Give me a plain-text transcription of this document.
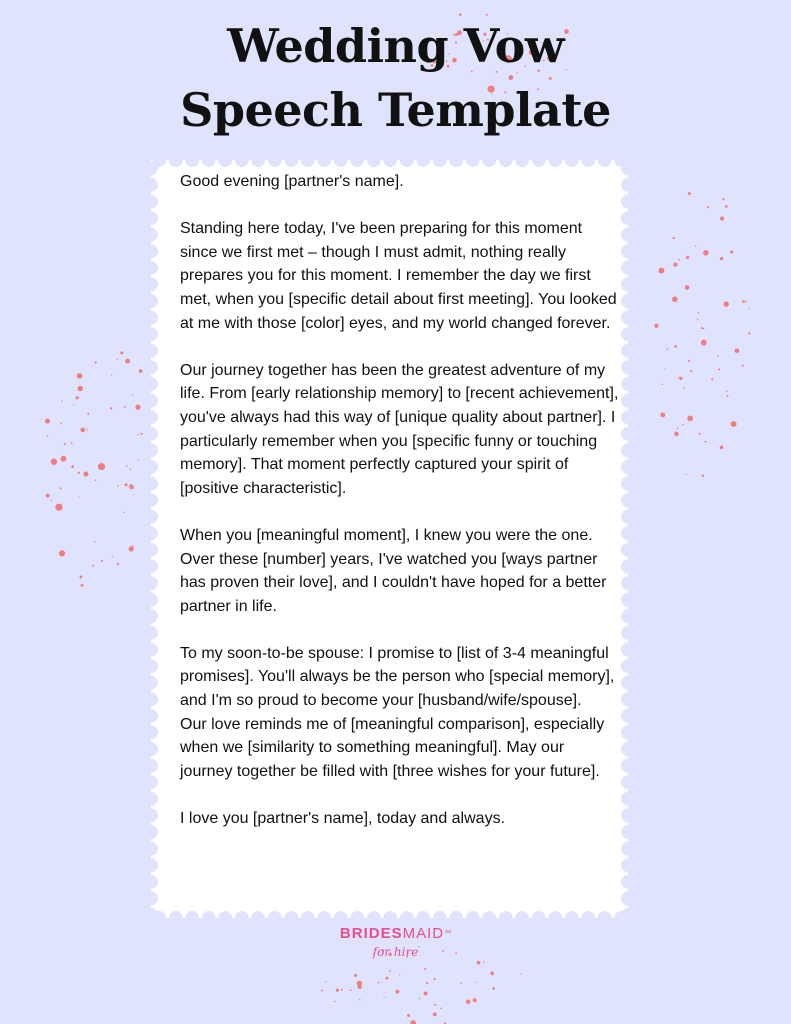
Wedding Vow
Speech Template

Good evening [partner's name].

Standing here today, I've been preparing for this moment since we first met – though I must admit, nothing really prepares you for this moment. I remember the day we first met, when you [specific detail about first meeting]. You looked at me with those [color] eyes, and my world changed forever.

Our journey together has been the greatest adventure of my life. From [early relationship memory] to [recent achievement], you've always had this way of [unique quality about partner]. I particularly remember when you [specific funny or touching memory]. That moment perfectly captured your spirit of [positive characteristic].

When you [meaningful moment], I knew you were the one. Over these [number] years, I've watched you [ways partner has proven their love], and I couldn't have hoped for a better partner in life.

To my soon-to-be spouse: I promise to [list of 3-4 meaningful promises]. You'll always be the person who [special memory], and I'm so proud to become your [husband/wife/spouse].
Our love reminds me of [meaningful comparison], especially when we [similarity to something meaningful]. May our journey together be filled with [three wishes for your future].

I love you [partner's name], today and always.

BRIDESMAID™
for hire
